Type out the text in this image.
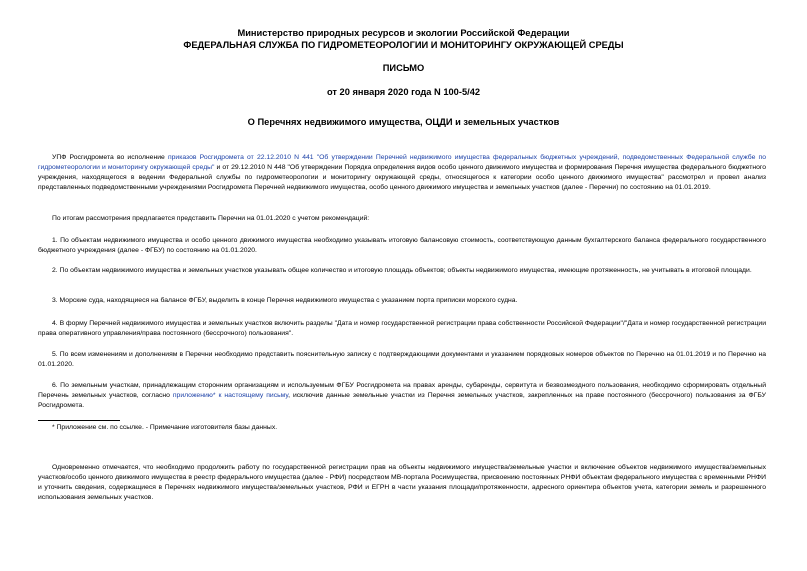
Министерство природных ресурсов и экологии Российской Федерации
ФЕДЕРАЛЬНАЯ СЛУЖБА ПО ГИДРОМЕТЕОРОЛОГИИ И МОНИТОРИНГУ ОКРУЖАЮЩЕЙ СРЕДЫ
ПИСЬМО
от 20 января 2020 года N 100-5/42
О Перечнях недвижимого имущества, ОЦДИ и земельных участков

УПФ Росгидромета во исполнение приказов Росгидромета от 22.12.2010 N 441 "Об утверждении Перечней недвижимого имущества федеральных бюджетных учреждений, подведомственных Федеральной службе по гидрометеорологии и мониторингу окружающей среды" и от 29.12.2010 N 448 "Об утверждении Порядка определения видов особо ценного движимого имущества и формирования Перечня имущества федерального бюджетного учреждения, находящегося в ведении Федеральной службы по гидрометеорологии и мониторингу окружающей среды, относящегося к категории особо ценного движимого имущества" рассмотрел и провел анализ представленных подведомственными учреждениями Росгидромета Перечней недвижимого имущества, особо ценного движимого имущества и земельных участков (далее - Перечни) по состоянию на 01.01.2019.

По итогам рассмотрения предлагается представить Перечни на 01.01.2020 с учетом рекомендаций:

1. По объектам недвижимого имущества и особо ценного движимого имущества необходимо указывать итоговую балансовую стоимость, соответствующую данным бухгалтерского баланса федерального государственного бюджетного учреждения (далее - ФГБУ) по состоянию на 01.01.2020.

2. По объектам недвижимого имущества и земельных участков указывать общее количество и итоговую площадь объектов; объекты недвижимого имущества, имеющие протяженность, не учитывать в итоговой площади.

3. Морские суда, находящиеся на балансе ФГБУ, выделить в конце Перечня недвижимого имущества с указанием порта приписки морского судна.

4. В форму Перечней недвижимого имущества и земельных участков включить разделы "Дата и номер государственной регистрации права собственности Российской Федерации"/"Дата и номер государственной регистрации права оперативного управления/права постоянного (бессрочного) пользования".

5. По всем изменениям и дополнениям в Перечни необходимо представить пояснительную записку с подтверждающими документами и указанием порядковых номеров объектов по Перечню на 01.01.2019 и по Перечню на 01.01.2020.

6. По земельным участкам, принадлежащим сторонним организациям и используемым ФГБУ Росгидромета на правах аренды, субаренды, сервитута и безвозмездного пользования, необходимо сформировать отдельный Перечень земельных участков, согласно приложению* к настоящему письму, исключив данные земельные участки из Перечня земельных участков, закрепленных на праве постоянного (бессрочного) пользования за ФГБУ Росгидромета.

* Приложение см. по ссылке. - Примечание изготовителя базы данных.

Одновременно отмечается, что необходимо продолжить работу по государственной регистрации прав на объекты недвижимого имущества/земельные участки и включение объектов недвижимого имущества/земельных участков/особо ценного движимого имущества в реестр федерального имущества (далее - РФИ) посредством МВ-портала Росимущества, присвоению постоянных РНФИ объектам федерального имущества с временными РНФИ и уточнить сведения, содержащиеся в Перечнях недвижимого имущества/земельных участков, РФИ и ЕГРН в части указания площади/протяженности, адресного ориентира объектов учета, категории земель и разрешенного использования земельных участков.
